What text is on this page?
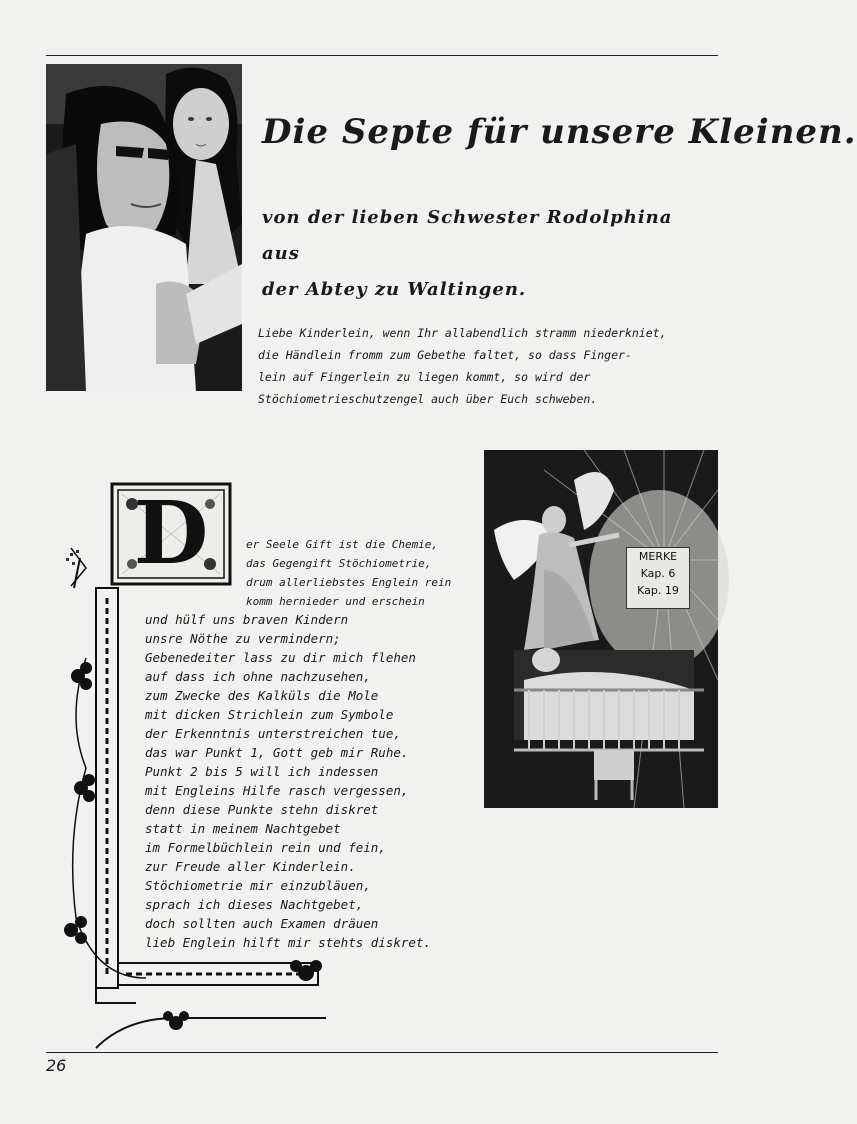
Die Septe für unsere Kleinen.
von der lieben Schwester Rodolphina aus
der Abtey zu Waltingen.

Liebe Kinderlein, wenn Ihr allabendlich stramm niederkniet,

die Händlein fromm zum Gebethe faltet, so dass Finger-

lein auf Fingerlein zu liegen kommt, so wird der

Stöchiometrieschutzengel auch über Euch schweben.

D	er Seele Gift ist die Chemie,

das Gegengift Stöchiometrie,

drum allerliebstes Englein rein

komm hernieder und erschein

und hülf uns braven Kindern

unsre Nöthe zu vermindern;

Gebenedeiter lass zu dir mich flehen

auf dass ich ohne nachzusehen,

zum Zwecke des Kalküls die Mole

mit dicken Strichlein zum Symbole

der Erkenntnis unterstreichen tue,

das war Punkt 1, Gott geb mir Ruhe.

Punkt 2 bis 5 will ich indessen

mit Engleins Hilfe rasch vergessen,

denn diese Punkte stehn diskret

statt in meinem Nachtgebet

im Formelbüchlein rein und fein,

zur Freude aller Kinderlein.

Stöchiometrie mir einzubläuen,

sprach ich dieses Nachtgebet,

doch sollten auch Examen dräuen

lieb Englein hilft mir stehts diskret.

MERKE
Kap. 6
Kap. 19
26
